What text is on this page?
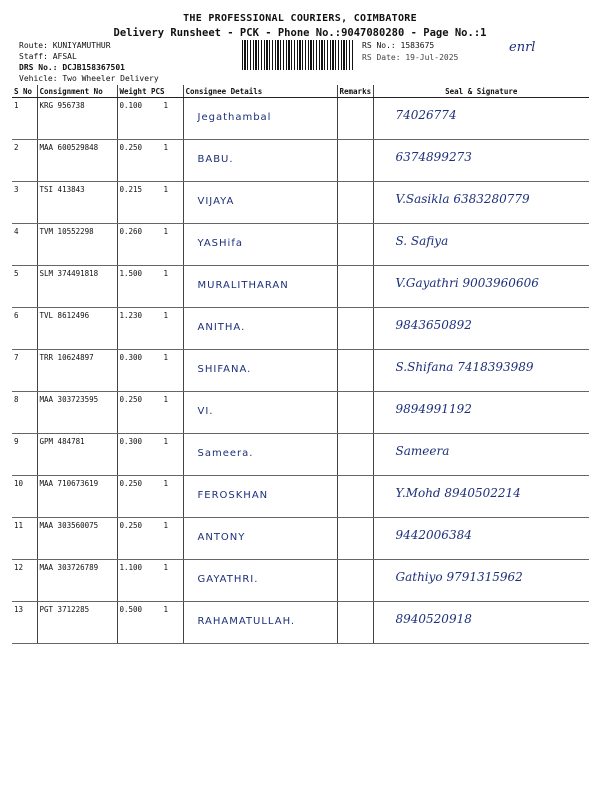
THE PROFESSIONAL COURIERS, COIMBATORE
Delivery Runsheet - PCK - Phone No.:9047080280 - Page No.:1
Route: KUNIYAMUTHUR
Staff: AFSAL
DRS No.: DCJB158367501
Vehicle: Two Wheeler Delivery
RS No.: 1583675
RS Date: 19-Jul-2025
enrl
S No	Consignment No	Weight	PCS	Consignee Details	Remarks	Seal & Signature
1	KRG 956738	0.100	1	Jegathambal		74026774

2	MAA 600529848	0.250	1	BABU.		6374899273

3	TSI 413843	0.215	1	VIJAYA		V.Sasikla 6383280779

4	TVM 10552298	0.260	1	YASHifa		S. Safiya

5	SLM 374491818	1.500	1	MURALITHARAN		V.Gayathri 9003960606

6	TVL 8612496	1.230	1	ANITHA.		9843650892

7	TRR 10624897	0.300	1	SHIFANA.		S.Shifana 7418393989

8	MAA 303723595	0.250	1	VI.		9894991192

9	GPM 484781	0.300	1	Sameera.		Sameera

10	MAA 710673619	0.250	1	FEROSKHAN		Y.Mohd 8940502214

11	MAA 303560075	0.250	1	ANTONY		9442006384

12	MAA 303726789	1.100	1	GAYATHRI.		Gathiyo 9791315962

13	PGT 3712285	0.500	1	RAHAMATULLAH.		8940520918
